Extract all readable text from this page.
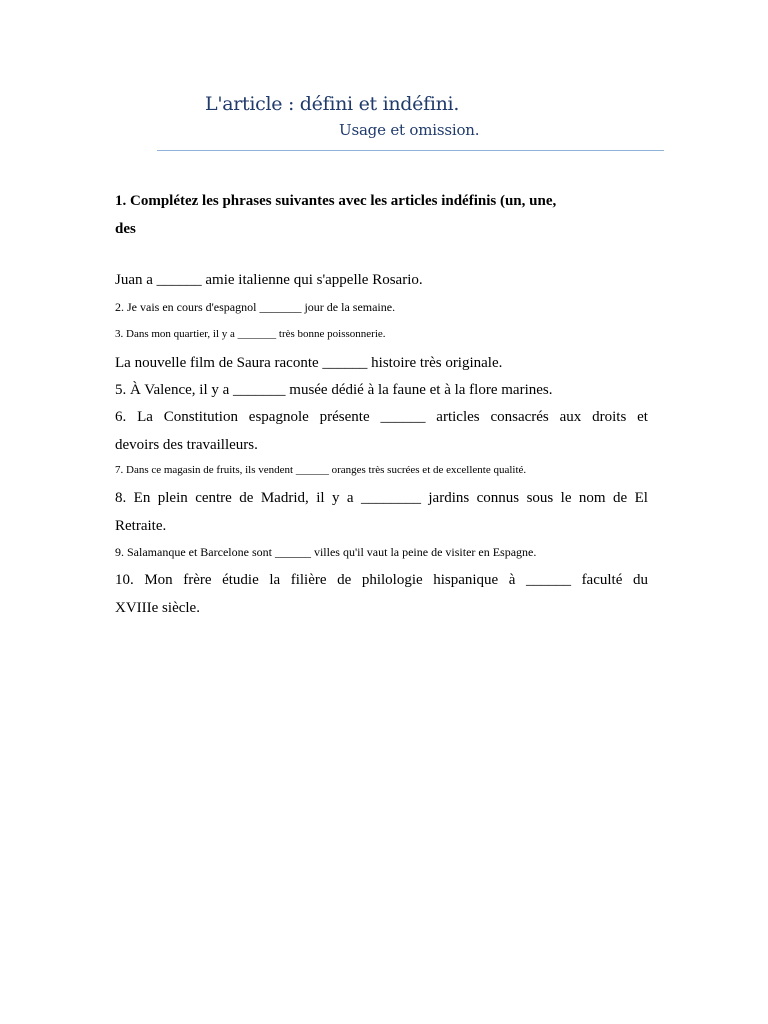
L'article : défini et indéfini.
Usage et omission.
1. Complétez les phrases suivantes avec les articles indéfinis (un, une,
des
Juan a ______ amie italienne qui s'appelle Rosario.
2. Je vais en cours d'espagnol _______ jour de la semaine.
3. Dans mon quartier, il y a _______ très bonne poissonnerie.
La nouvelle film de Saura raconte ______ histoire très originale.
5. À Valence, il y a _______ musée dédié à la faune et à la flore marines.
6. La Constitution espagnole présente ______ articles consacrés aux droits et
devoirs des travailleurs.
7. Dans ce magasin de fruits, ils vendent ______ oranges très sucrées et de excellente qualité.
8. En plein centre de Madrid, il y a ________ jardins connus sous le nom de El
Retraite.
9. Salamanque et Barcelone sont ______ villes qu'il vaut la peine de visiter en Espagne.
10. Mon frère étudie la filière de philologie hispanique à ______ faculté du
XVIIIe siècle.
